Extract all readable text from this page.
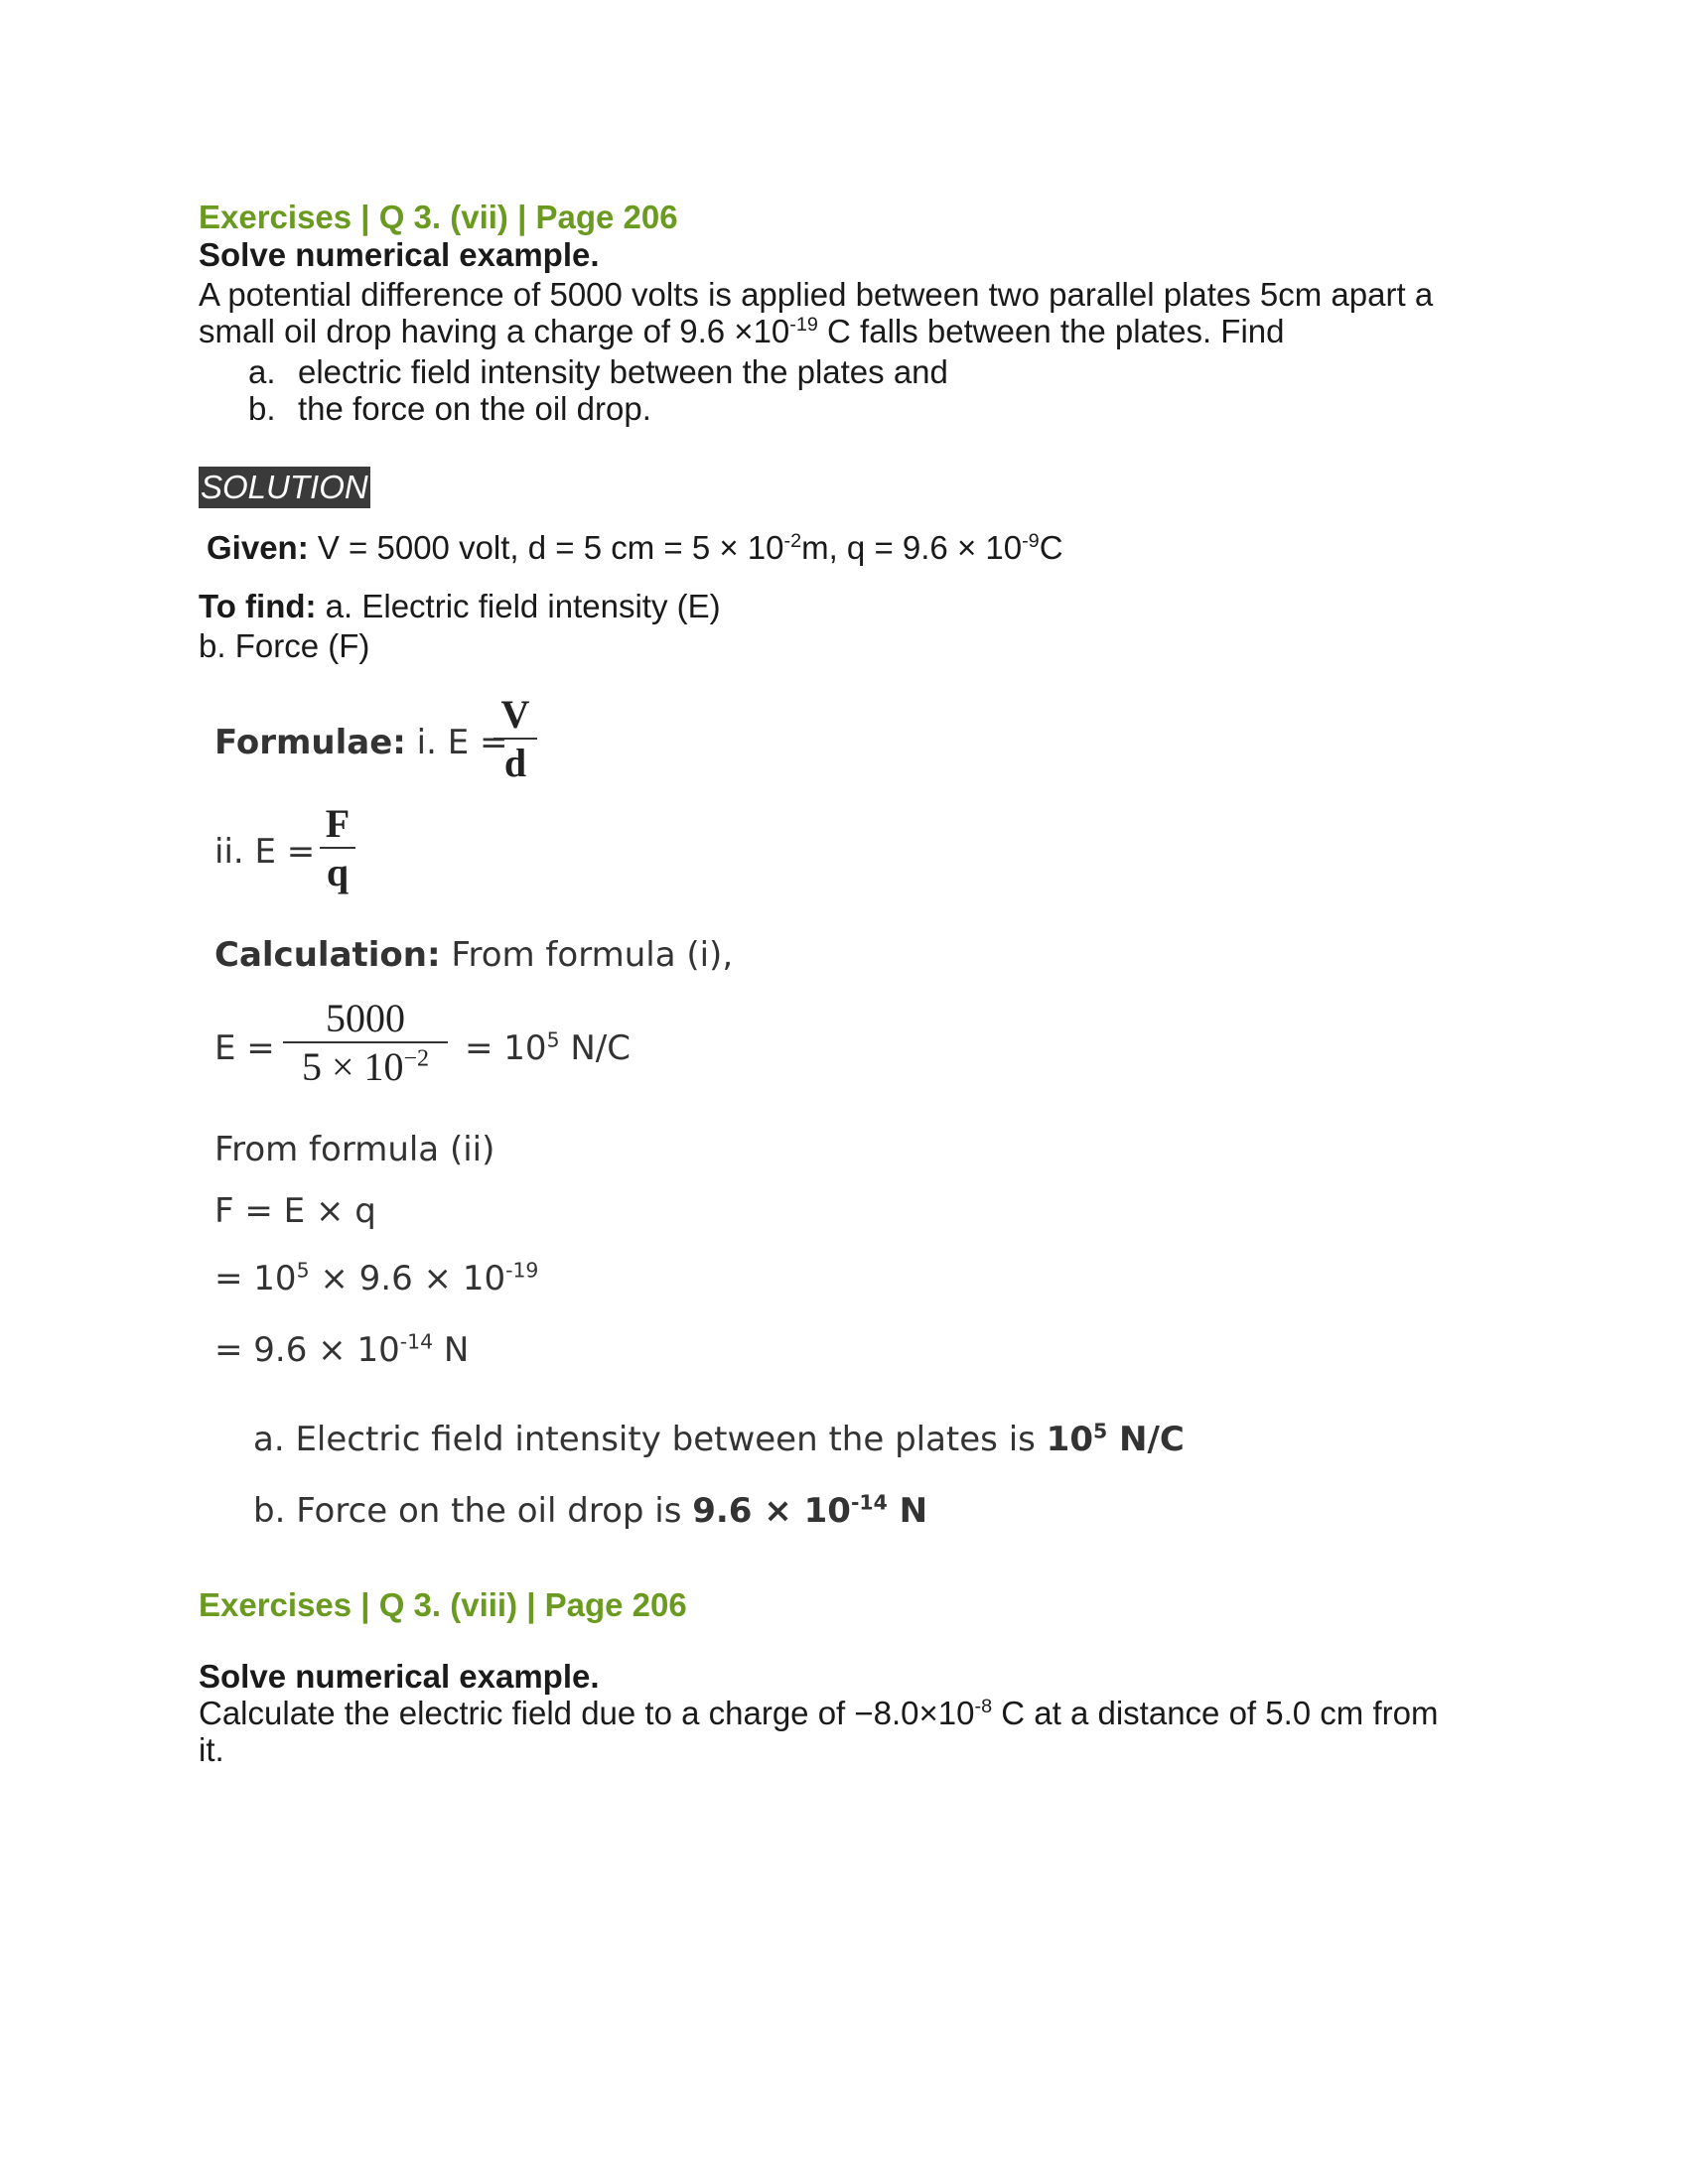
Exercises | Q 3. (vii) | Page 206
Solve numerical example.
A potential difference of 5000 volts is applied between two parallel plates 5cm apart a
small oil drop having a charge of $9.6 \times 10^{-19}$ C falls between the plates. Find
a. electric field intensity between the plates and
b. the force on the oil drop.
SOLUTION
Given: V = 5000 volt, d = 5 cm = $5 \times 10^{-2}m$, $q = 9.6 \times 10^{-9}C$
To find: a. Electric field intensity (E)
b. Force (F)
Formulae: i. E =
V
d
ii. E =
F
q
Calculation: From formula (i),
E =
5000
$5 \times 10^{-2}$	= $10^5$ N/C
From formula (ii)
F = E × q
= $10^5 \times 9.6 \times 10^{-19}$
= $9.6 \times 10^{-14}$ N
a. Electric field intensity between the plates is $10^5$ N/C
b. Force on the oil drop is $9.6 \times 10^{-14}$ N
Exercises | Q 3. (viii) | Page 206
Solve numerical example.
Calculate the electric field due to a charge of $-8.0\times 10^{-8}$ C at a distance of 5.0 cm from
it.
